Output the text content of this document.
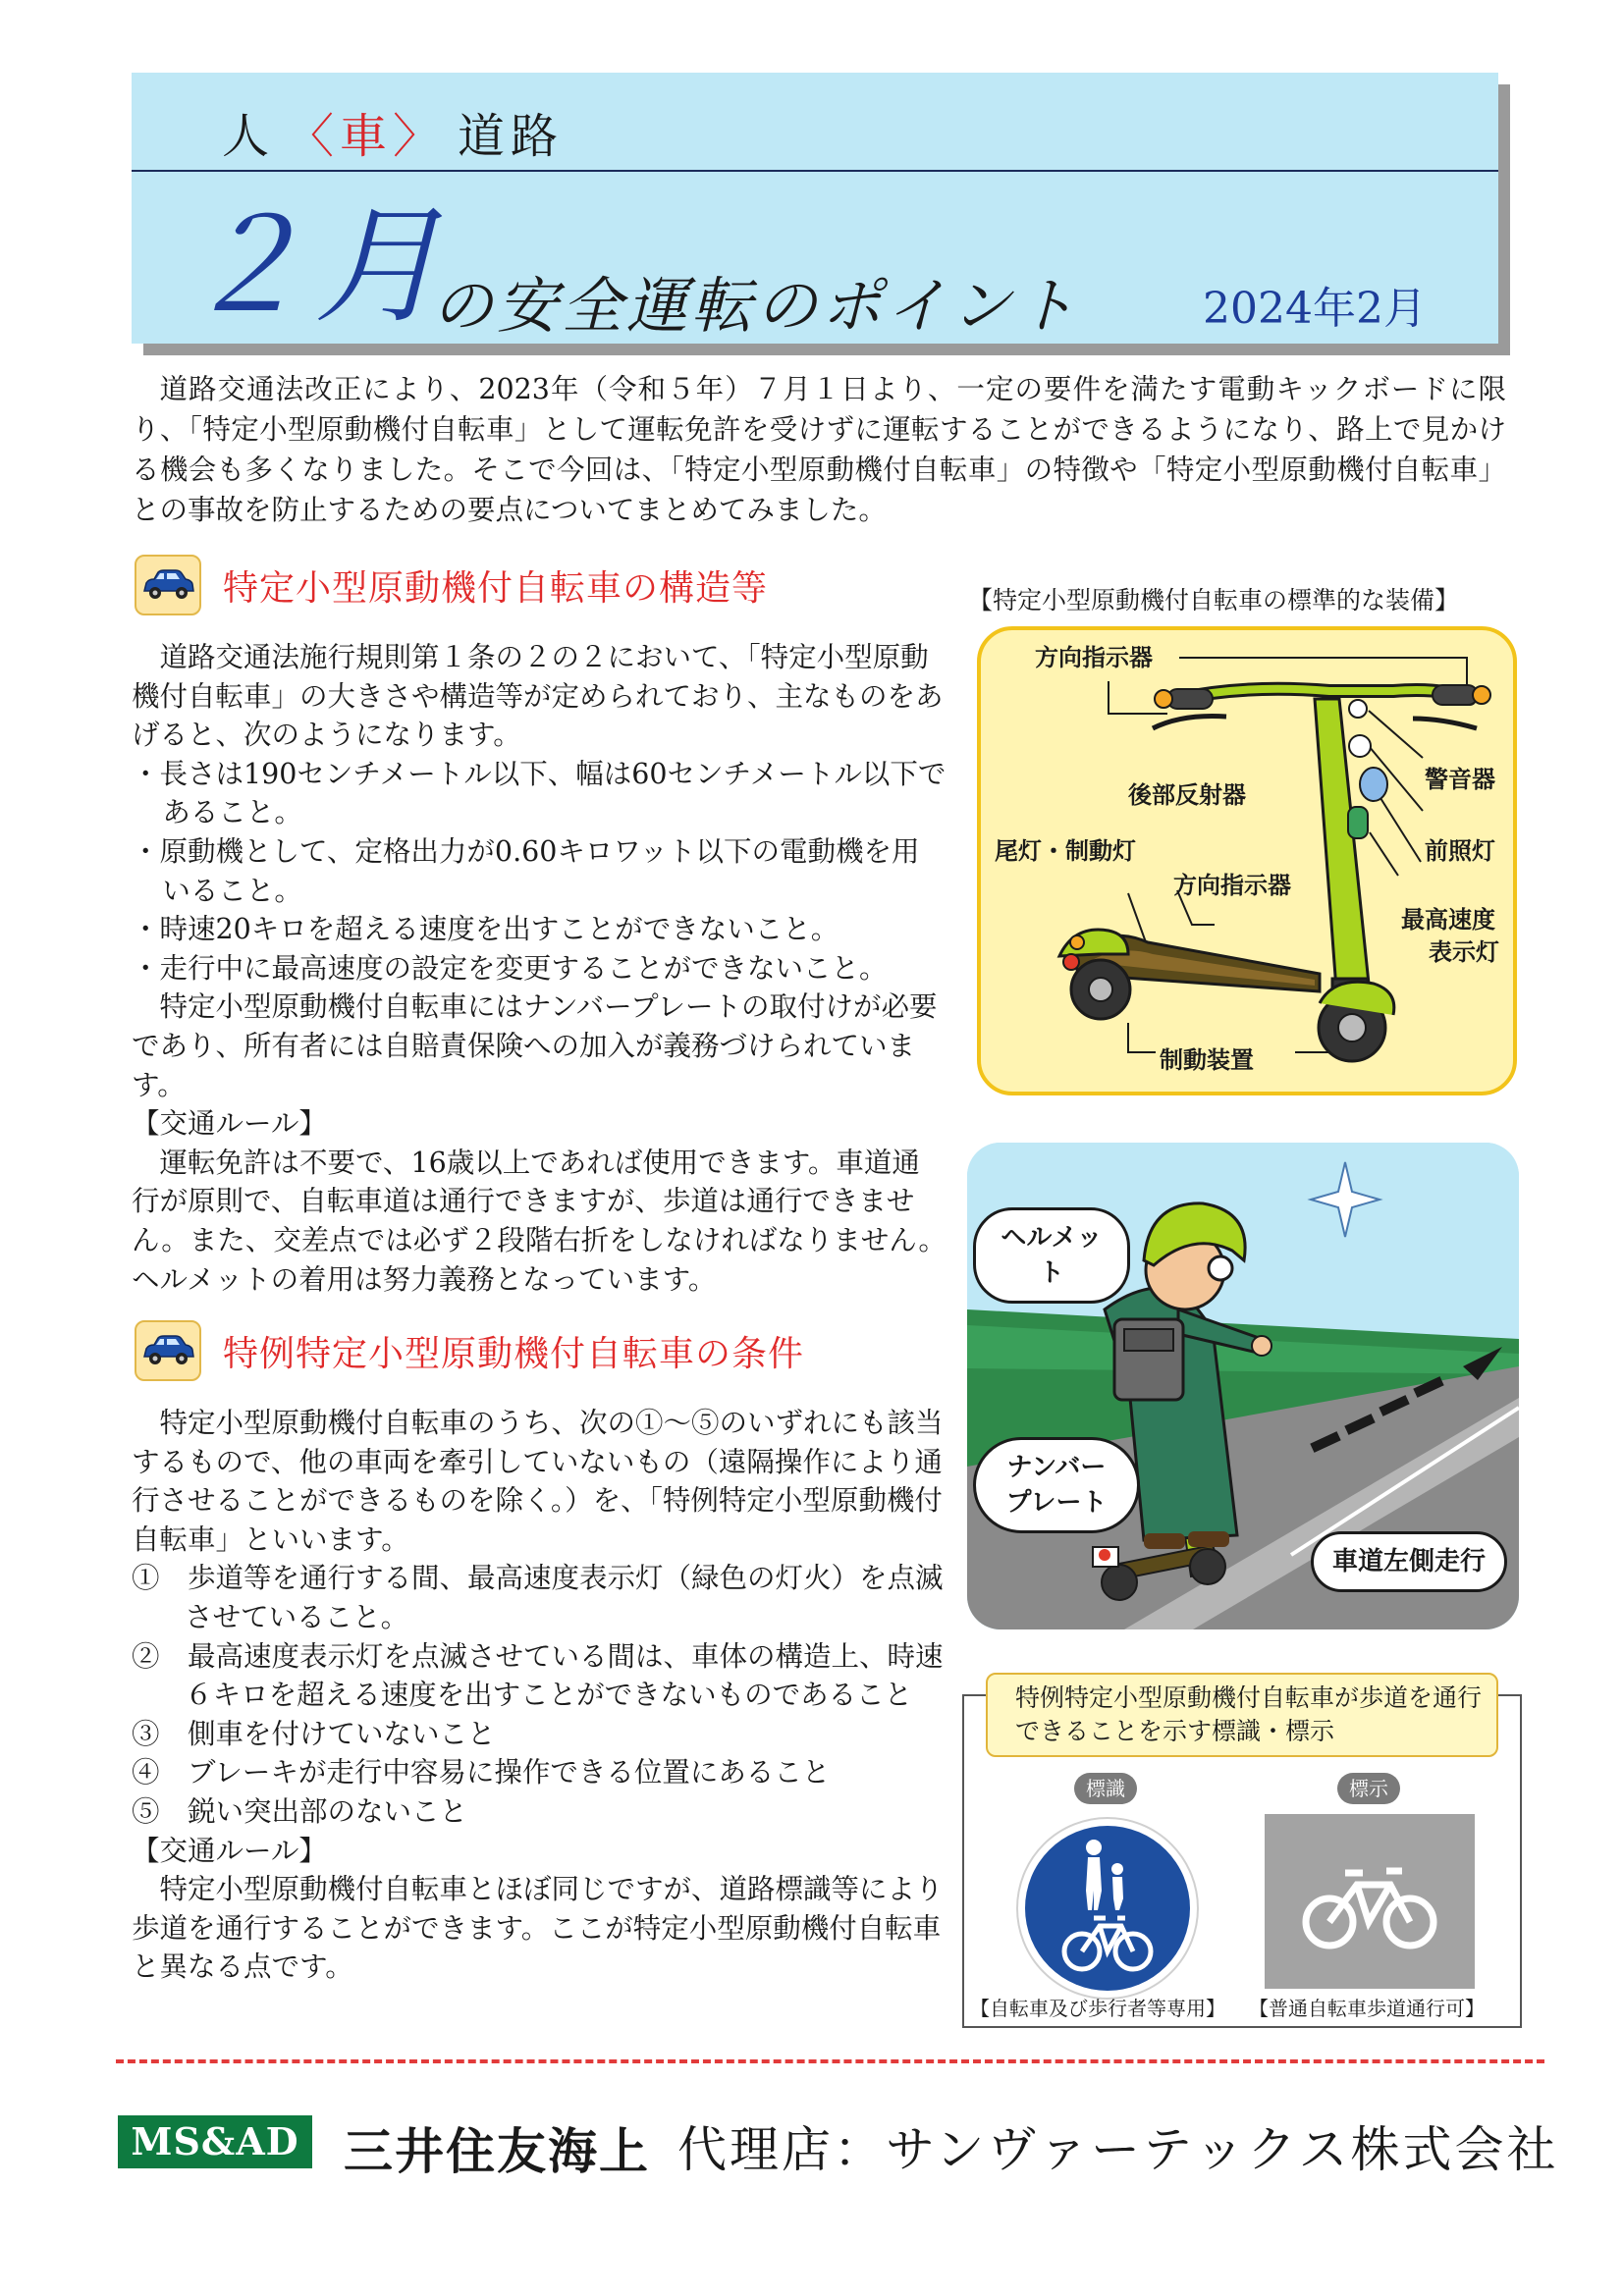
人 〈車〉 道路
２月
の安全運転のポイント	2024年2月
道路交通法改正により、2023年（令和５年）７月１日より、一定の要件を満たす電動キックボードに限り、「特定小型原動機付自転車」として運転免許を受けずに運転することができるようになり、路上で見かける機会も多くなりました。そこで今回は、「特定小型原動機付自転車」の特徴や「特定小型原動機付自転車」との事故を防止するための要点についてまとめてみました。
特定小型原動機付自転車の構造等

道路交通法施行規則第１条の２の２において、「特定小型原動機付自転車」の大きさや構造等が定められており、主なものをあげると、次のようになります。

・長さは190センチメートル以下、幅は60センチメートル以下であること。

・原動機として、定格出力が0.60キロワット以下の電動機を用いること。

・時速20キロを超える速度を出すことができないこと。

・走行中に最高速度の設定を変更することができないこと。

特定小型原動機付自転車にはナンバープレートの取付けが必要であり、所有者には自賠責保険への加入が義務づけられています。

【交通ルール】

運転免許は不要で、16歳以上であれば使用できます。車道通行が原則で、自転車道は通行できますが、歩道は通行できません。また、交差点では必ず２段階右折をしなければなりません。ヘルメットの着用は努力義務となっています。

特例特定小型原動機付自転車の条件

特定小型原動機付自転車のうち、次の①～⑤のいずれにも該当するもので、他の車両を牽引していないもの（遠隔操作により通行させることができるものを除く。）を、「特例特定小型原動機付自転車」といいます。

①　歩道等を通行する間、最高速度表示灯（緑色の灯火）を点滅させていること。

②　最高速度表示灯を点滅させている間は、車体の構造上、時速６キロを超える速度を出すことができないものであること

③　側車を付けていないこと

④　ブレーキが走行中容易に操作できる位置にあること

⑤　鋭い突出部のないこと

【交通ルール】

特定小型原動機付自転車とほぼ同じですが、道路標識等により歩道を通行することができます。ここが特定小型原動機付自転車と異なる点です。

【特定小型原動機付自転車の標準的な装備】
方向指示器
警音器
後部反射器
前照灯
尾灯・制動灯
方向指示器
最高速度
表示灯
制動装置
ヘルメット
ナンバー
プレート
車道左側走行
特例特定小型原動機付自転車が歩道を通行できることを示す標識・標示
標識	標示
【自転車及び歩行者等専用】 【普通自転車歩道通行可】
MS&AD 三井住友海上 代理店：サンヴァーテックス株式会社
